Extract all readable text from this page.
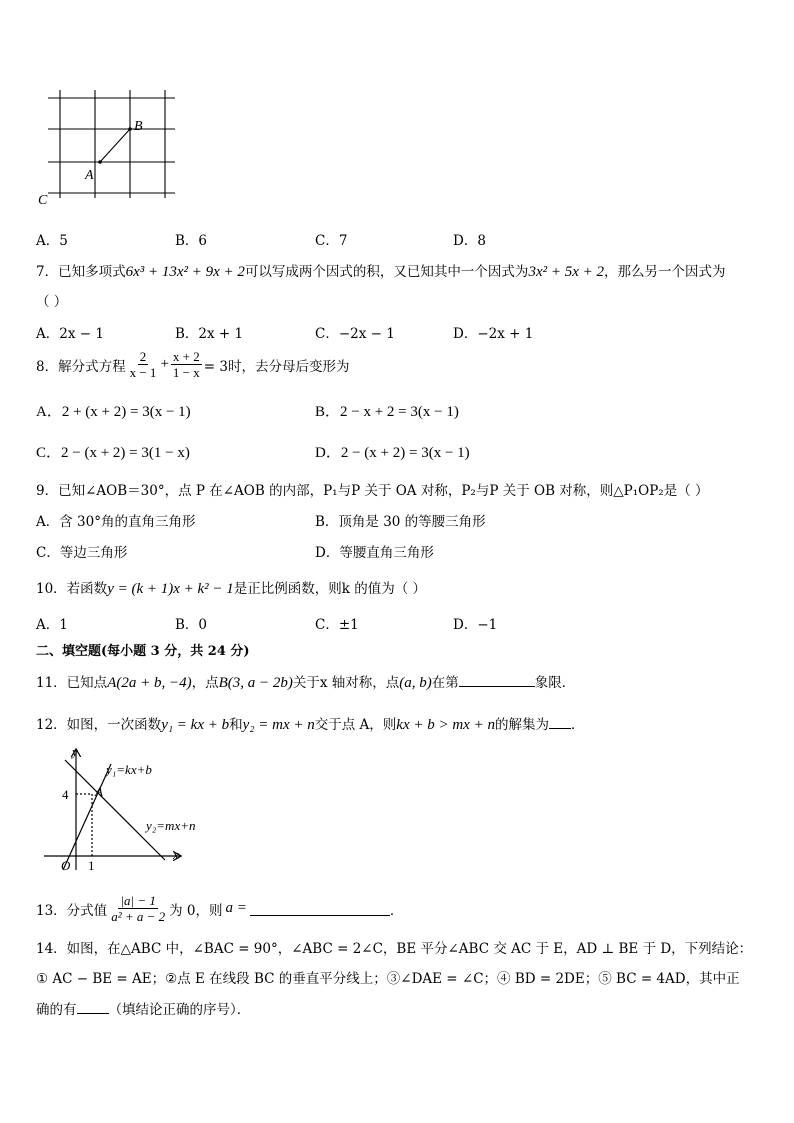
A
B
C
A．5	B．6	C．7	D．8
7．已知多项式6x³ + 13x² + 9x + 2可以写成两个因式的积，又已知其中一个因式为3x² + 5x + 2，那么另一个因式为
（ ）
A．2x − 1	B．2x + 1	C．−2x − 1	D．−2x + 1
8．解分式方程 $\frac{2}{x - 1} + \frac{x + 2}{1 - x} = 3$时，去分母后变形为
A．2 + (x + 2) = 3(x − 1)	B．2 − x + 2 = 3(x − 1)
C．2 − (x + 2) = 3(1 − x)	D．2 − (x + 2) = 3(x − 1)
9．已知∠AOB＝30°，点 P 在∠AOB 的内部，P₁与P 关于 OA 对称，P₂与P 关于 OB 对称，则△P₁OP₂是（ ）
A．含 30°角的直角三角形	B．顶角是 30 的等腰三角形
C．等边三角形	D．等腰直角三角形
10．若函数y = (k + 1)x + k² − 1是正比例函数，则k 的值为（ ）
A．1	B．0	C．±1	D．−1
二、填空题(每小题 3 分，共 24 分)
11．已知点A(2a + b, −4)，点B(3, a − 2b)关于x 轴对称，点(a, b)在第	象限．
12．如图，一次函数y₁ = kx + b和y₂ = mx + n交于点 A，则kx + b > mx + n的解集为 ．
y
x
O
4
1
A
y₁=kx+b
y₂=mx+n
13．分式值 $\frac{|a| - 1}{\text{a² + a − 2}}$ 为 0，则 a =	．
14．如图，在△ABC 中，∠BAC = 90°，∠ABC = 2∠C，BE 平分∠ABC 交 AC 于 E，AD ⊥ BE 于 D，下列结论：
① AC − BE = AE；②点 E 在线段 BC 的垂直平分线上；③∠DAE = ∠C；④ BD = 2DE；⑤ BC = 4AD，其中正
确的有 （填结论正确的序号）．
